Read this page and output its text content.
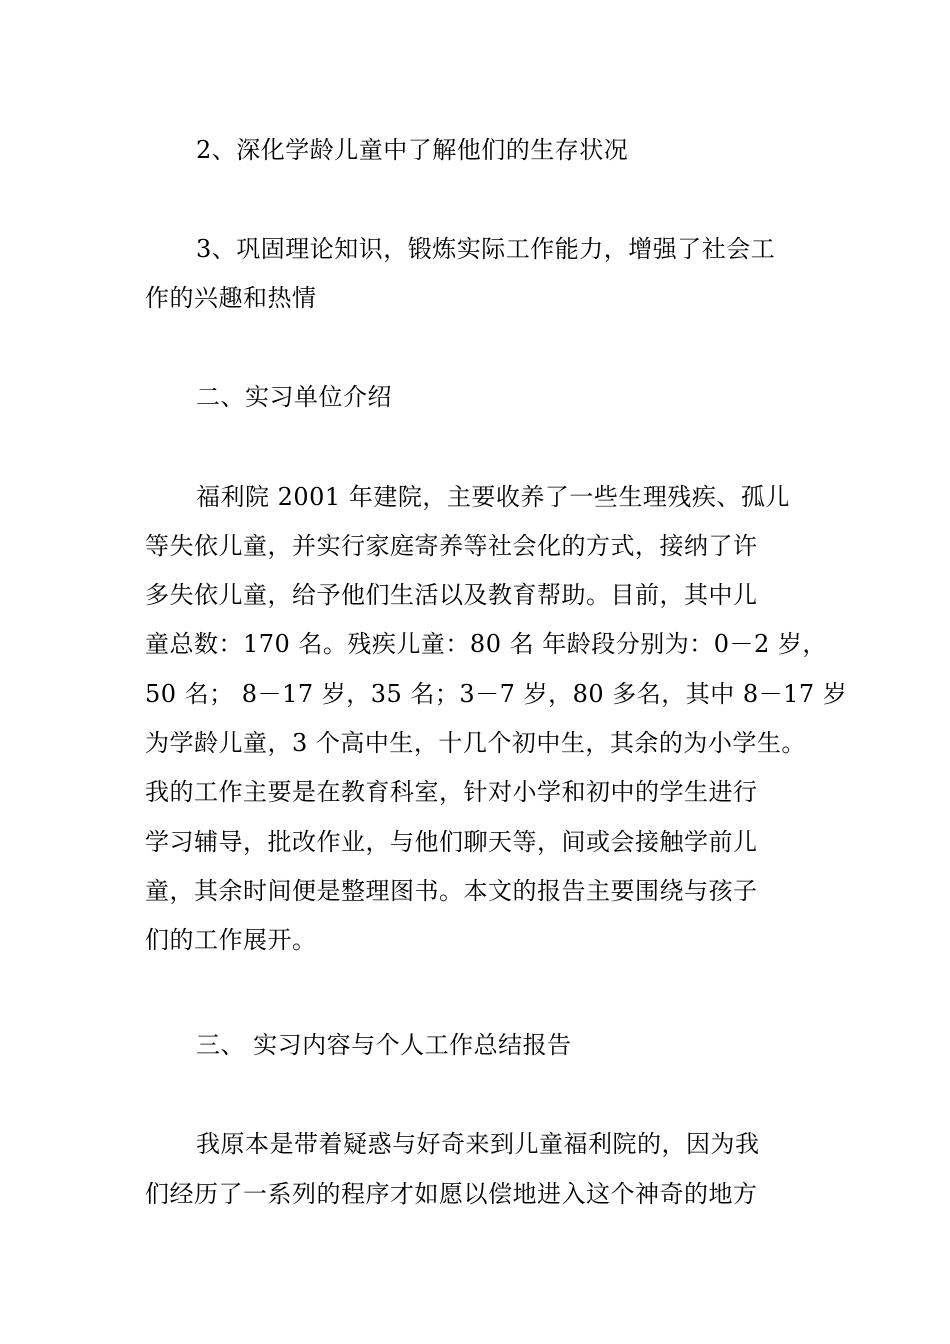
2、深化学龄儿童中了解他们的生存状况
3、巩固理论知识，锻炼实际工作能力，增强了社会工
作的兴趣和热情
二、实习单位介绍
福利院 2001 年建院，主要收养了一些生理残疾、孤儿
等失依儿童，并实行家庭寄养等社会化的方式，接纳了许
多失依儿童，给予他们生活以及教育帮助。目前，其中儿
童总数：170 名。残疾儿童：80 名 年龄段分别为：0－2 岁，
50 名； 8－17 岁，35 名；3－7 岁，80 多名，其中 8－17 岁
为学龄儿童，3 个高中生，十几个初中生，其余的为小学生。
我的工作主要是在教育科室，针对小学和初中的学生进行
学习辅导，批改作业，与他们聊天等，间或会接触学前儿
童，其余时间便是整理图书。本文的报告主要围绕与孩子
们的工作展开。
三、 实习内容与个人工作总结报告
我原本是带着疑惑与好奇来到儿童福利院的，因为我
们经历了一系列的程序才如愿以偿地进入这个神奇的地方
